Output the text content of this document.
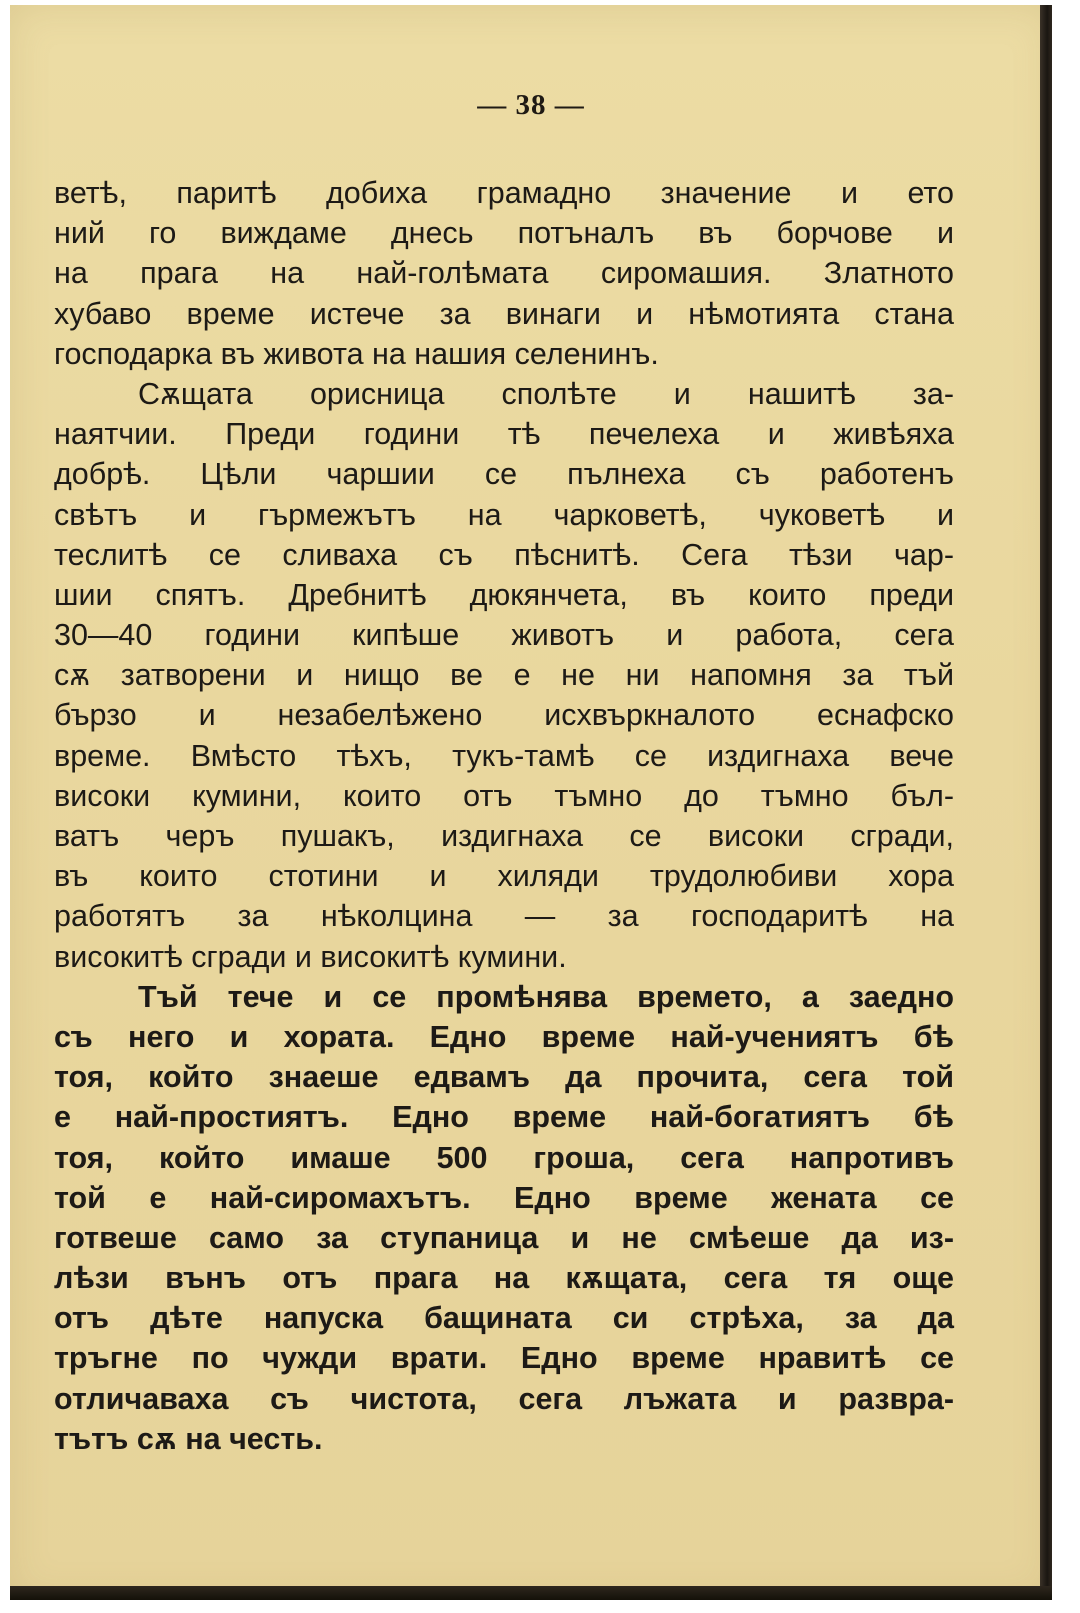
— 38 —
ветѣ, паритѣ добиха грамадно значение и ето
ний го виждаме днесь потъналъ въ борчове и
на прага на най-голѣмата сиромашия. Златното
хубаво време истече за винаги и нѣмотията стана
господарка въ живота на нашия селенинъ.
Сѫщата орисница сполѣте и нашитѣ за-
наятчии. Преди години тѣ печелеха и живѣяха
добрѣ. Цѣли чаршии се пълнеха съ работенъ
свѣтъ и гърмежътъ на чарковетѣ, чуковетѣ и
теслитѣ се сливаха съ пѣснитѣ. Сега тѣзи чар-
шии спятъ. Дребнитѣ дюкянчета, въ които преди
30—40 години кипѣше животъ и работа, сега
сѫ затворени и нищо ве е не ни напомня за тъй
бързо и незабелѣжено исхвъркналото еснафско
време. Вмѣсто тѣхъ, тукъ-тамѣ се издигнаха вече
високи кумини, които отъ тъмно до тъмно бъл-
ватъ черъ пушакъ, издигнаха се високи сгради,
въ които стотини и хиляди трудолюбиви хора
работятъ за нѣколцина — за господаритѣ на
високитѣ сгради и високитѣ кумини.
Тъй тече и се промѣнява времето, а заедно
съ него и хората. Едно време най-учениятъ бѣ
тоя, който знаеше едвамъ да прочита, сега той
е най-простиятъ. Едно време най-богатиятъ бѣ
тоя, който имаше 500 гроша, сега напротивъ
той е най-сиромахътъ. Едно време жената се
готвеше само за ступаница и не смѣеше да из-
лѣзи вънъ отъ прага на кѫщата, сега тя още
отъ дѣте напуска бащината си стрѣха, за да
тръгне по чужди врати. Едно време нравитѣ се
отличаваха съ чистота, сега лъжата и развра-
тътъ сѫ на честь.
